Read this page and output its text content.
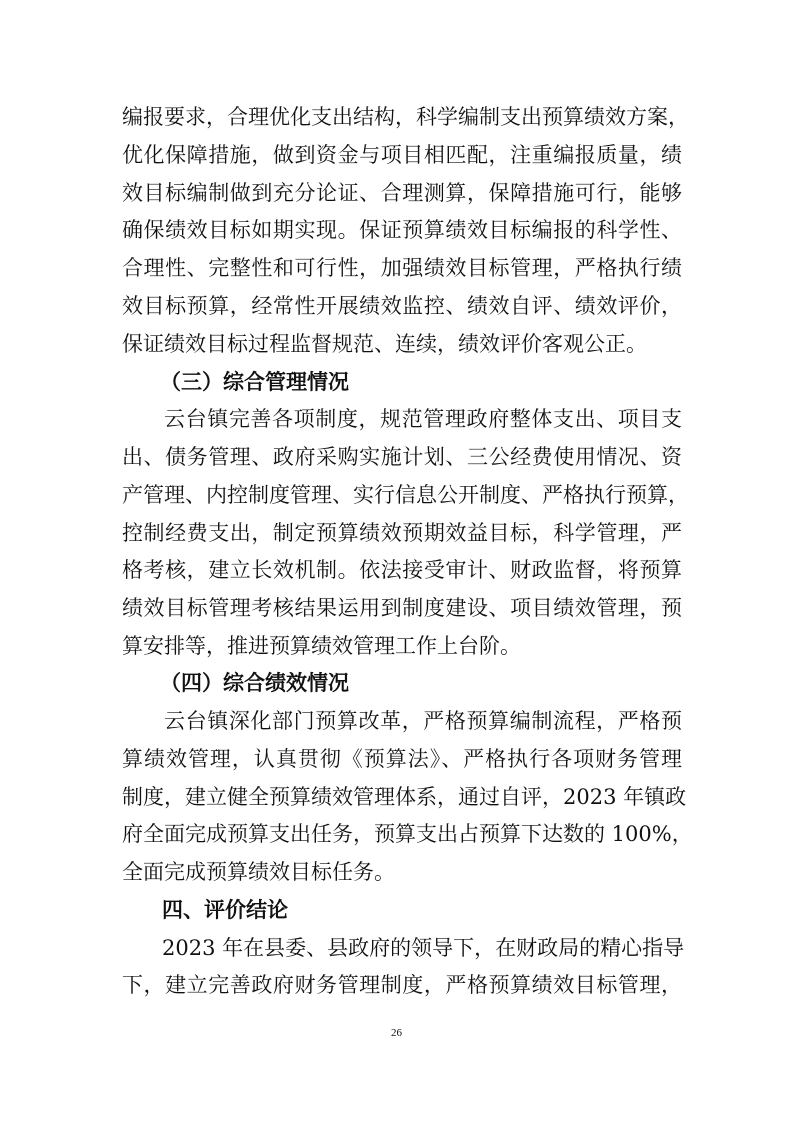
编报要求，合理优化支出结构，科学编制支出预算绩效方案，
优化保障措施，做到资金与项目相匹配，注重编报质量，绩
效目标编制做到充分论证、合理测算，保障措施可行，能够
确保绩效目标如期实现。保证预算绩效目标编报的科学性、
合理性、完整性和可行性，加强绩效目标管理，严格执行绩
效目标预算，经常性开展绩效监控、绩效自评、绩效评价，
保证绩效目标过程监督规范、连续，绩效评价客观公正。
（三）综合管理情况
云台镇完善各项制度，规范管理政府整体支出、项目支
出、债务管理、政府采购实施计划、三公经费使用情况、资
产管理、内控制度管理、实行信息公开制度、严格执行预算，
控制经费支出，制定预算绩效预期效益目标，科学管理，严
格考核，建立长效机制。依法接受审计、财政监督，将预算
绩效目标管理考核结果运用到制度建设、项目绩效管理，预
算安排等，推进预算绩效管理工作上台阶。
（四）综合绩效情况
云台镇深化部门预算改革，严格预算编制流程，严格预
算绩效管理，认真贯彻《预算法》、严格执行各项财务管理
制度，建立健全预算绩效管理体系，通过自评，2023 年镇政
府全面完成预算支出任务，预算支出占预算下达数的 100%，
全面完成预算绩效目标任务。
四、评价结论
2023 年在县委、县政府的领导下，在财政局的精心指导
下，建立完善政府财务管理制度，严格预算绩效目标管理，
26
